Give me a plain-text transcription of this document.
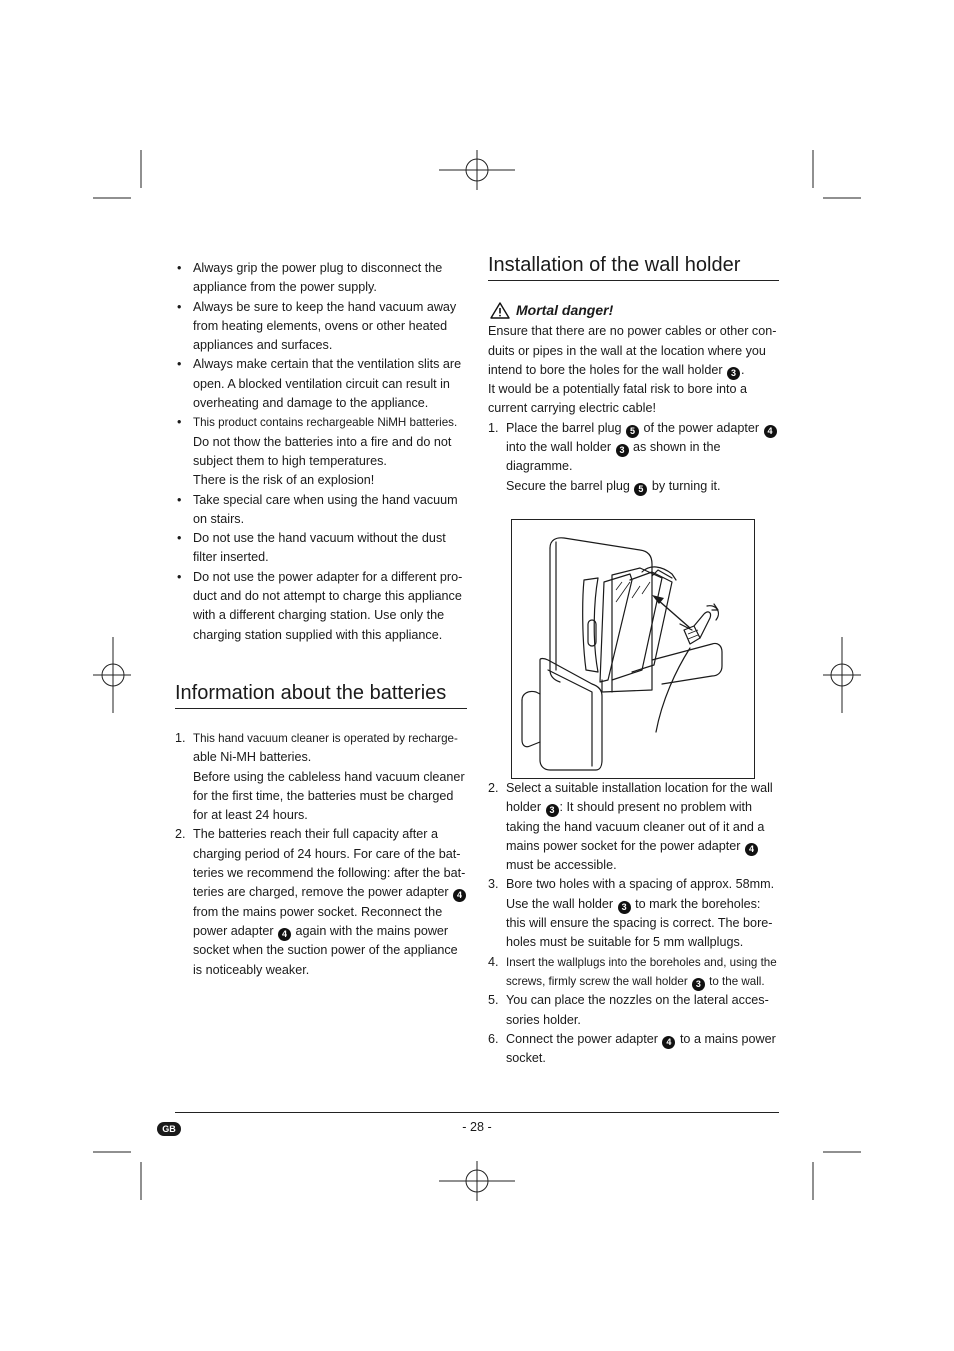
• Always grip the power plug to disconnect the
appliance from the power supply.
• Always be sure to keep the hand vacuum away
from heating elements, ovens or other heated
appliances and surfaces.
• Always make certain that the ventilation slits are
open. A blocked ventilation circuit can result in
overheating and damage to the appliance.
• This product contains rechargeable NiMH batteries.
Do not thow the batteries into a fire and do not
subject them to high temperatures.
There is the risk of an explosion!
• Take special care when using the hand vacuum
on stairs.
• Do not use the hand vacuum without the dust
filter inserted.
• Do not use the power adapter for a different pro-
duct and do not attempt to charge this appliance
with a different charging station. Use only the
charging station supplied with this appliance.
Information about the batteries
1. This hand vacuum cleaner is operated by recharge-
able Ni-MH batteries.
Before using the cableless hand vacuum cleaner
for the first time, the batteries must be charged
for at least 24 hours.
2. The batteries reach their full capacity after a
charging period of 24 hours. For care of the bat-
teries we recommend the following: after the bat-
teries are charged, remove the power adapter 4
from the mains power socket. Reconnect the
power adapter 4 again with the mains power
socket when the suction power of the appliance
is noticeably weaker.
Installation of the wall holder
Mortal danger!
Ensure that there are no power cables or other con-
duits or pipes in the wall at the location where you
intend to bore the holes for the wall holder 3 .
It would be a potentially fatal risk to bore into a
current carrying electric cable!
1. Place the barrel plug 5 of the power adapter 4
into the wall holder 3 as shown in the diagramme.
Secure the barrel plug 5 by turning it.
2. Select a suitable installation location for the wall
holder 3 : It should present no problem with
taking the hand vacuum cleaner out of it and a
mains power socket for the power adapter 4
must be accessible.
3. Bore two holes with a spacing of approx. 58mm.
Use the wall holder 3 to mark the boreholes:
this will ensure the spacing is correct. The bore-
holes must be suitable for 5 mm wallplugs.
4. Insert the wallplugs into the boreholes and, using the
screws, firmly screw the wall holder 3 to the wall.
5. You can place the nozzles on the lateral acces-
sories holder.
6. Connect the power adapter 4 to a mains power
socket.
GB	- 28 -
